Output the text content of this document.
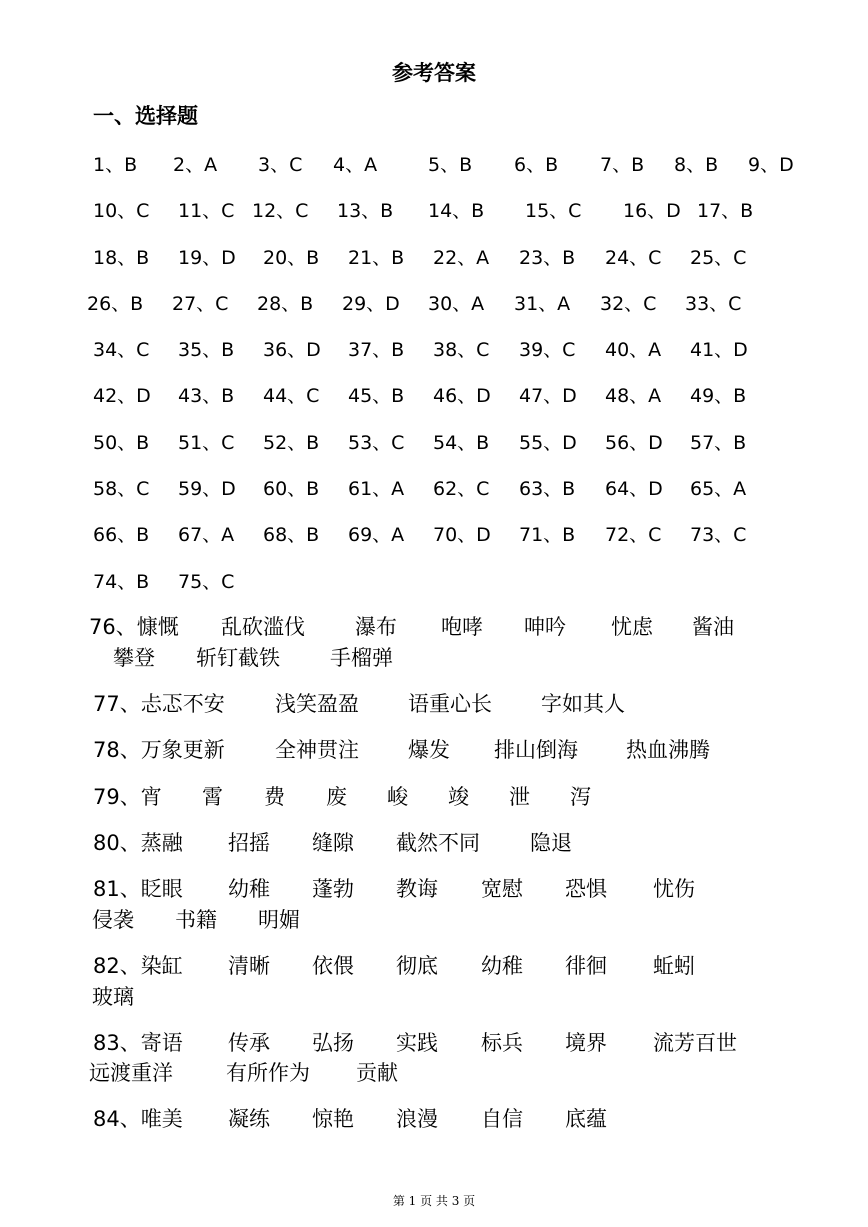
参考答案
一、选择题
1、B 2、A 3、C 4、A	5、B 6、B 7、B 8、B 9、D
10、C 11、C 12、C 13、B 14、B 15、C 16、D 17、B
18、B 19、D 20、B 21、B 22、A 23、B 24、C 25、C
26、B 27、C 28、B 29、D 30、A 31、A 32、C 33、C
34、C 35、B 36、D 37、B 38、C 39、C 40、A 41、D
42、D 43、B 44、C 45、B 46、D 47、D 48、A 49、B
50、B 51、C 52、B 53、C 54、B 55、D 56、D 57、B
58、C 59、D 60、B 61、A 62、C 63、B 64、D 65、A
66、B 67、A 68、B 69、A 70、D 71、B 72、C 73、C
74、B 75、C
76、慷慨 乱砍滥伐 瀑布 咆哮 呻吟 忧虑 酱油
攀登 斩钉截铁 手榴弹
77、忐忑不安 浅笑盈盈 语重心长 字如其人
78、万象更新 全神贯注 爆发 排山倒海 热血沸腾
79、宵 霄 费 废 峻 竣 泄 泻
80、蒸融 招摇 缝隙 截然不同 隐退
81、眨眼 幼稚 蓬勃 教诲 宽慰 恐惧 忧伤
侵袭 书籍 明媚
82、染缸 清晰 依偎 彻底 幼稚 徘徊 蚯蚓
玻璃
83、寄语 传承 弘扬 实践 标兵 境界 流芳百世
远渡重洋	有所作为 贡献
84、唯美 凝练 惊艳 浪漫 自信 底蕴
第 1 页 共 3 页
